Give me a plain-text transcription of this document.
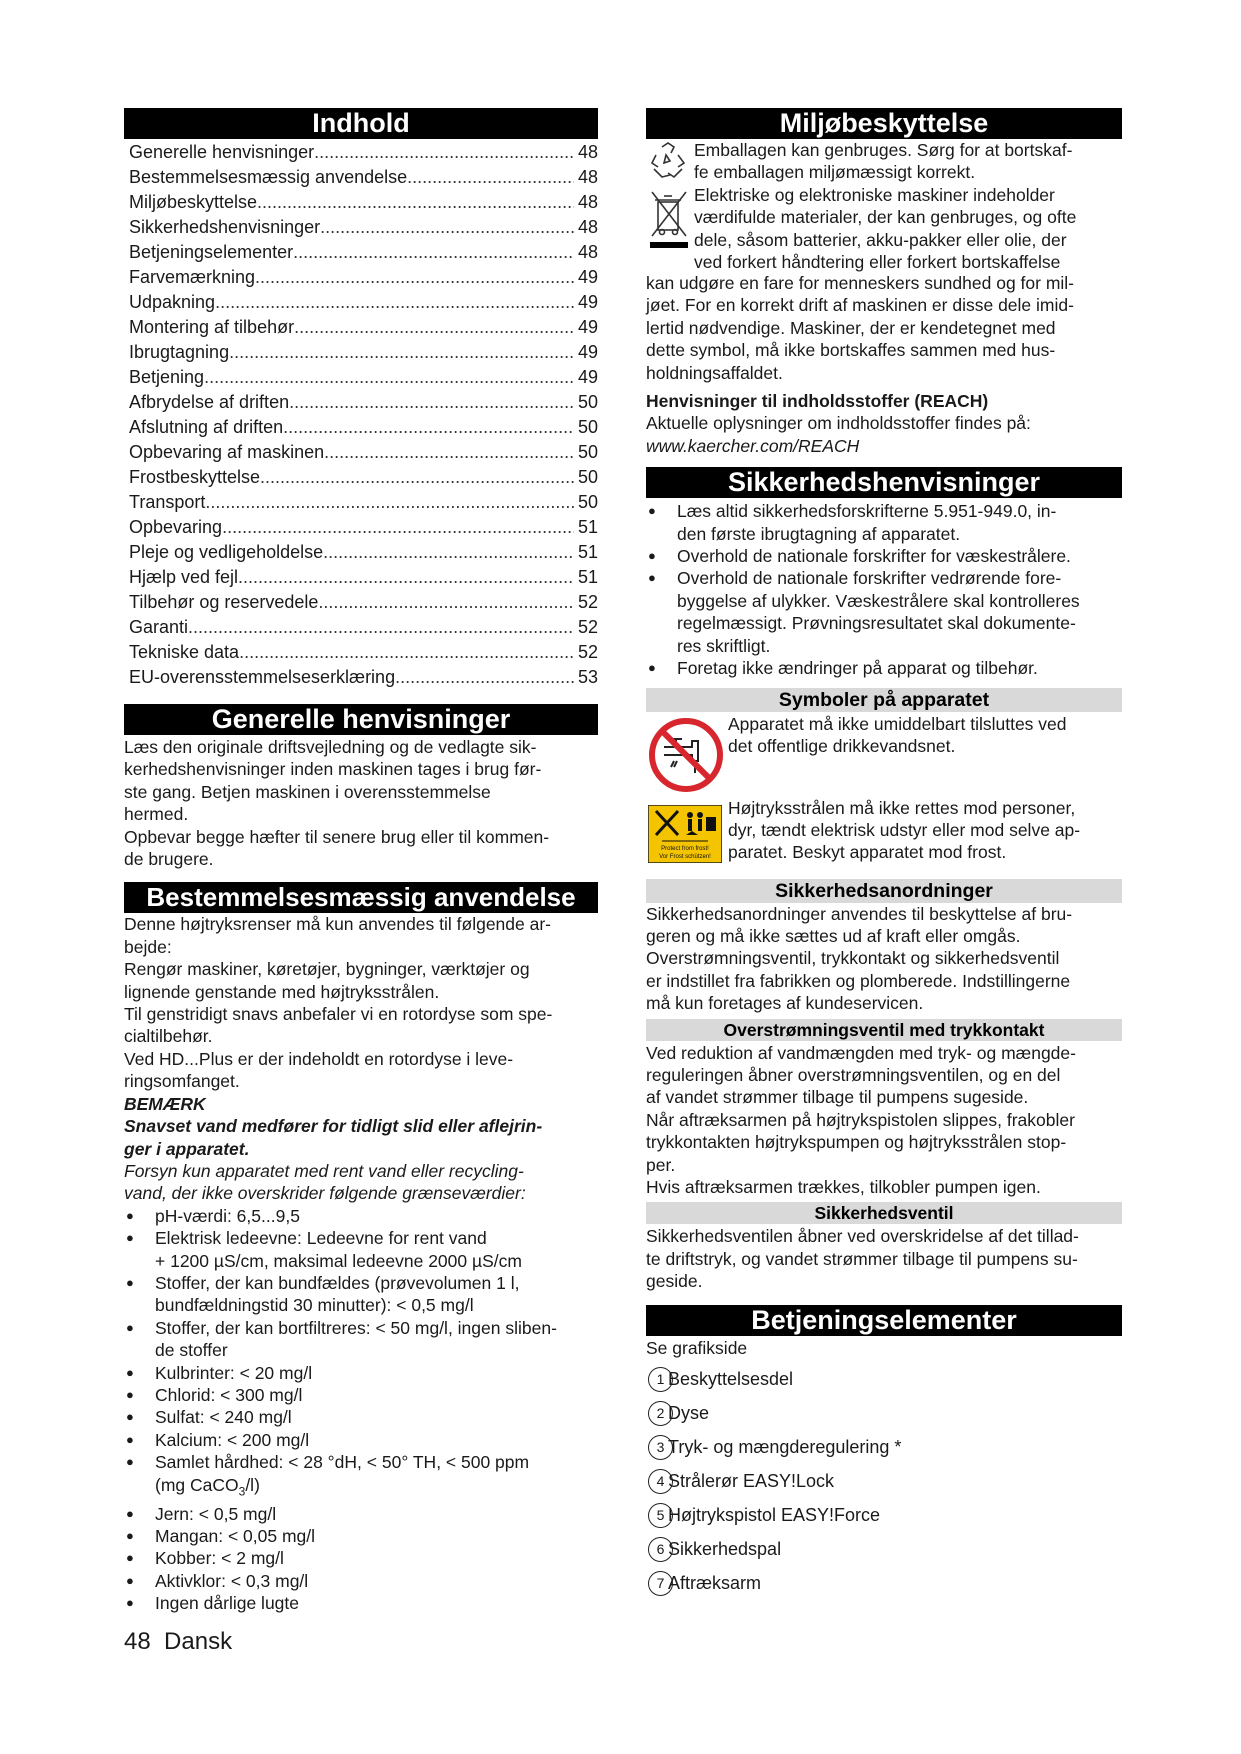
Indhold
Generelle henvisninger .....	48
Bestemmelsesmæssig anvendelse .....	48
Miljøbeskyttelse .....	48
Sikkerhedshenvisninger .....	48
Betjeningselementer .....	48
Farvemærkning .....	49
Udpakning .....	49
Montering af tilbehør .....	49
Ibrugtagning .....	49
Betjening .....	49
Afbrydelse af driften .....	50
Afslutning af driften .....	50
Opbevaring af maskinen .....	50
Frostbeskyttelse .....	50
Transport .....	50
Opbevaring .....	51
Pleje og vedligeholdelse .....	51
Hjælp ved fejl .....	51
Tilbehør og reservedele .....	52
Garanti .....	52
Tekniske data .....	52
EU-overensstemmelseserklæring .....	53
Generelle henvisninger
Læs den originale driftsvejledning og de vedlagte sik-
kerhedshenvisninger inden maskinen tages i brug før-
ste gang. Betjen maskinen i overensstemmelse
hermed.
Opbevar begge hæfter til senere brug eller til kommen-
de brugere.
Bestemmelsesmæssig anvendelse
Denne højtryksrenser må kun anvendes til følgende ar-
bejde:
Rengør maskiner, køretøjer, bygninger, værktøjer og
lignende genstande med højtryksstrålen.
Til genstridigt snavs anbefaler vi en rotordyse som spe-
cialtilbehør.
Ved HD...Plus er der indeholdt en rotordyse i leve-
ringsomfanget.
BEMÆRK
Snavset vand medfører for tidligt slid eller aflejrin-
ger i apparatet.
Forsyn kun apparatet med rent vand eller recycling-
vand, der ikke overskrider følgende grænseværdier:
●	pH-værdi: 6,5...9,5
●	Elektrisk ledeevne: Ledeevne for rent vand
+ 1200 µS/cm, maksimal ledeevne 2000 µS/cm
●	Stoffer, der kan bundfældes (prøvevolumen 1 l,
bundfældningstid 30 minutter): < 0,5 mg/l
●	Stoffer, der kan bortfiltreres: < 50 mg/l, ingen sliben-
de stoffer
●	Kulbrinter: < 20 mg/l
●	Chlorid: < 300 mg/l
●	Sulfat: < 240 mg/l
●	Kalcium: < 200 mg/l
●	Samlet hårdhed: < 28 °dH, < 50° TH, < 500 ppm
(mg CaCO$_3$/l)
●	Jern: < 0,5 mg/l
●	Mangan: < 0,05 mg/l
●	Kobber: < 2 mg/l
●	Aktivklor: < 0,3 mg/l
●	Ingen dårlige lugte
Miljøbeskyttelse
Emballagen kan genbruges. Sørg for at bortskaf-
fe emballagen miljømæssigt korrekt.
Elektriske og elektroniske maskiner indeholder
værdifulde materialer, der kan genbruges, og ofte
dele, såsom batterier, akku-pakker eller olie, der
ved forkert håndtering eller forkert bortskaffelse
kan udgøre en fare for menneskers sundhed og for mil-
jøet. For en korrekt drift af maskinen er disse dele imid-
lertid nødvendige. Maskiner, der er kendetegnet med
dette symbol, må ikke bortskaffes sammen med hus-
holdningsaffaldet.
Henvisninger til indholdsstoffer (REACH)
Aktuelle oplysninger om indholdsstoffer findes på:
www.kaercher.com/REACH
Sikkerhedshenvisninger
●	Læs altid sikkerhedsforskrifterne 5.951-949.0, in-
den første ibrugtagning af apparatet.
●	Overhold de nationale forskrifter for væskestrålere.
●	Overhold de nationale forskrifter vedrørende fore-
byggelse af ulykker. Væskestrålere skal kontrolleres
regelmæssigt. Prøvningsresultatet skal dokumente-
res skriftligt.
●	Foretag ikke ændringer på apparat og tilbehør.
Symboler på apparatet
Apparatet må ikke umiddelbart tilsluttes ved
det offentlige drikkevandsnet.
Protect from frost!
Vor Frost schützen!
Højtryksstrålen må ikke rettes mod personer,
dyr, tændt elektrisk udstyr eller mod selve ap-
paratet. Beskyt apparatet mod frost.
Sikkerhedsanordninger
Sikkerhedsanordninger anvendes til beskyttelse af bru-
geren og må ikke sættes ud af kraft eller omgås.
Overstrømningsventil, trykkontakt og sikkerhedsventil
er indstillet fra fabrikken og plomberede. Indstillingerne
må kun foretages af kundeservicen.
Overstrømningsventil med trykkontakt
Ved reduktion af vandmængden med tryk- og mængde-
reguleringen åbner overstrømningsventilen, og en del
af vandet strømmer tilbage til pumpens sugeside.
Når aftræksarmen på højtrykspistolen slippes, frakobler
trykkontakten højtrykspumpen og højtryksstrålen stop-
per.
Hvis aftræksarmen trækkes, tilkobler pumpen igen.
Sikkerhedsventil
Sikkerhedsventilen åbner ved overskridelse af det tillad-
te driftstryk, og vandet strømmer tilbage til pumpens su-
geside.
Betjeningselementer
Se grafikside
1 Beskyttelsesdel
2 Dyse
3 Tryk- og mængderegulering *
4 Strålerør EASY!Lock
5 Højtrykspistol EASY!Force
6 Sikkerhedspal
7 Aftræksarm
48 Dansk
